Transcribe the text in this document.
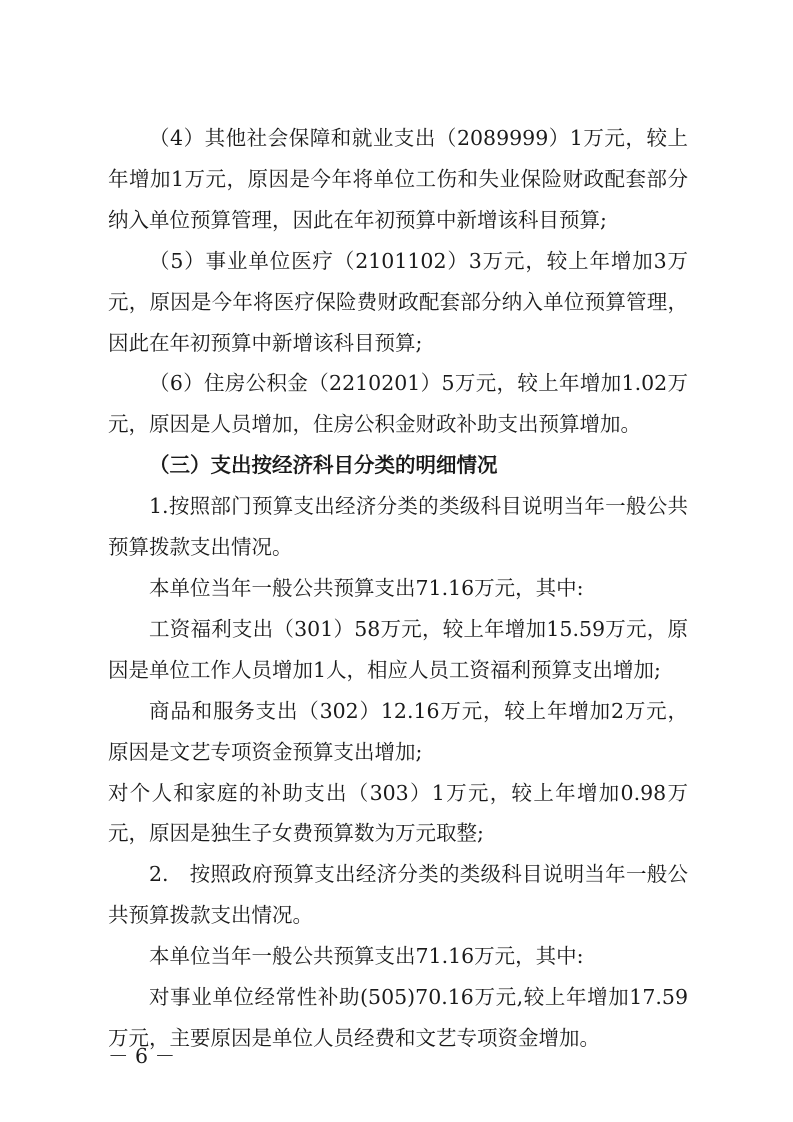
（4）其他社会保障和就业支出（2089999）1万元，较上年增加1万元，原因是今年将单位工伤和失业保险财政配套部分纳入单位预算管理，因此在年初预算中新增该科目预算;

（5）事业单位医疗（2101102）3万元，较上年增加3万元，原因是今年将医疗保险费财政配套部分纳入单位预算管理，因此在年初预算中新增该科目预算;

（6）住房公积金（2210201）5万元，较上年增加1.02万元，原因是人员增加，住房公积金财政补助支出预算增加。

（三）支出按经济科目分类的明细情况

1.按照部门预算支出经济分类的类级科目说明当年一般公共预算拨款支出情况。

本单位当年一般公共预算支出71.16万元，其中:

工资福利支出（301）58万元，较上年增加15.59万元，原因是单位工作人员增加1人，相应人员工资福利预算支出增加;

商品和服务支出（302）12.16万元，较上年增加2万元，原因是文艺专项资金预算支出增加;

对个人和家庭的补助支出（303）1万元，较上年增加0.98万元，原因是独生子女费预算数为万元取整;

2.　按照政府预算支出经济分类的类级科目说明当年一般公共预算拨款支出情况。

本单位当年一般公共预算支出71.16万元，其中:

对事业单位经常性补助(505)70.16万元,较上年增加17.59万元，主要原因是单位人员经费和文艺专项资金增加。

－ 6 －
